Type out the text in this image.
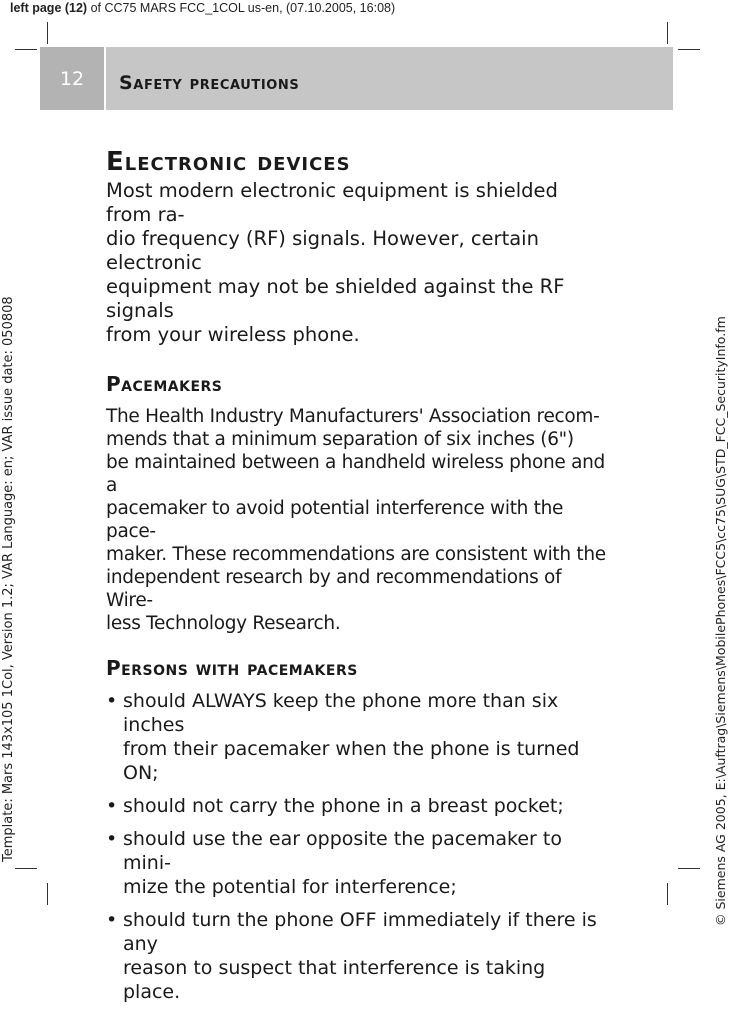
left page (12) of CC75 MARS FCC_1COL us-en, (07.10.2005, 16:08)
Template: Mars 143x105 1Col, Version 1.2; VAR Language: en; VAR issue date: 050808	© Siemens AG 2005, E:\Auftrag\Siemens\MobilePhones\FCC5\cc75\SUG\STD_FCC_SecurityInfo.fm
12	Safety precautions
Electronic devices

Most modern electronic equipment is shielded from ra-
dio frequency (RF) signals. However, certain electronic
equipment may not be shielded against the RF signals
from your wireless phone.

Pacemakers

The Health Industry Manufacturers' Association recom-
mends that a minimum separation of six inches (6")
be maintained between a handheld wireless phone and a
pacemaker to avoid potential interference with the pace-
maker. These recommendations are consistent with the
independent research by and recommendations of Wire-
less Technology Research.

Persons with pacemakers
• should ALWAYS keep the phone more than six inches
from their pacemaker when the phone is turned ON;
• should not carry the phone in a breast pocket;
• should use the ear opposite the pacemaker to mini-
mize the potential for interference;
• should turn the phone OFF immediately if there is any
reason to suspect that interference is taking place.
